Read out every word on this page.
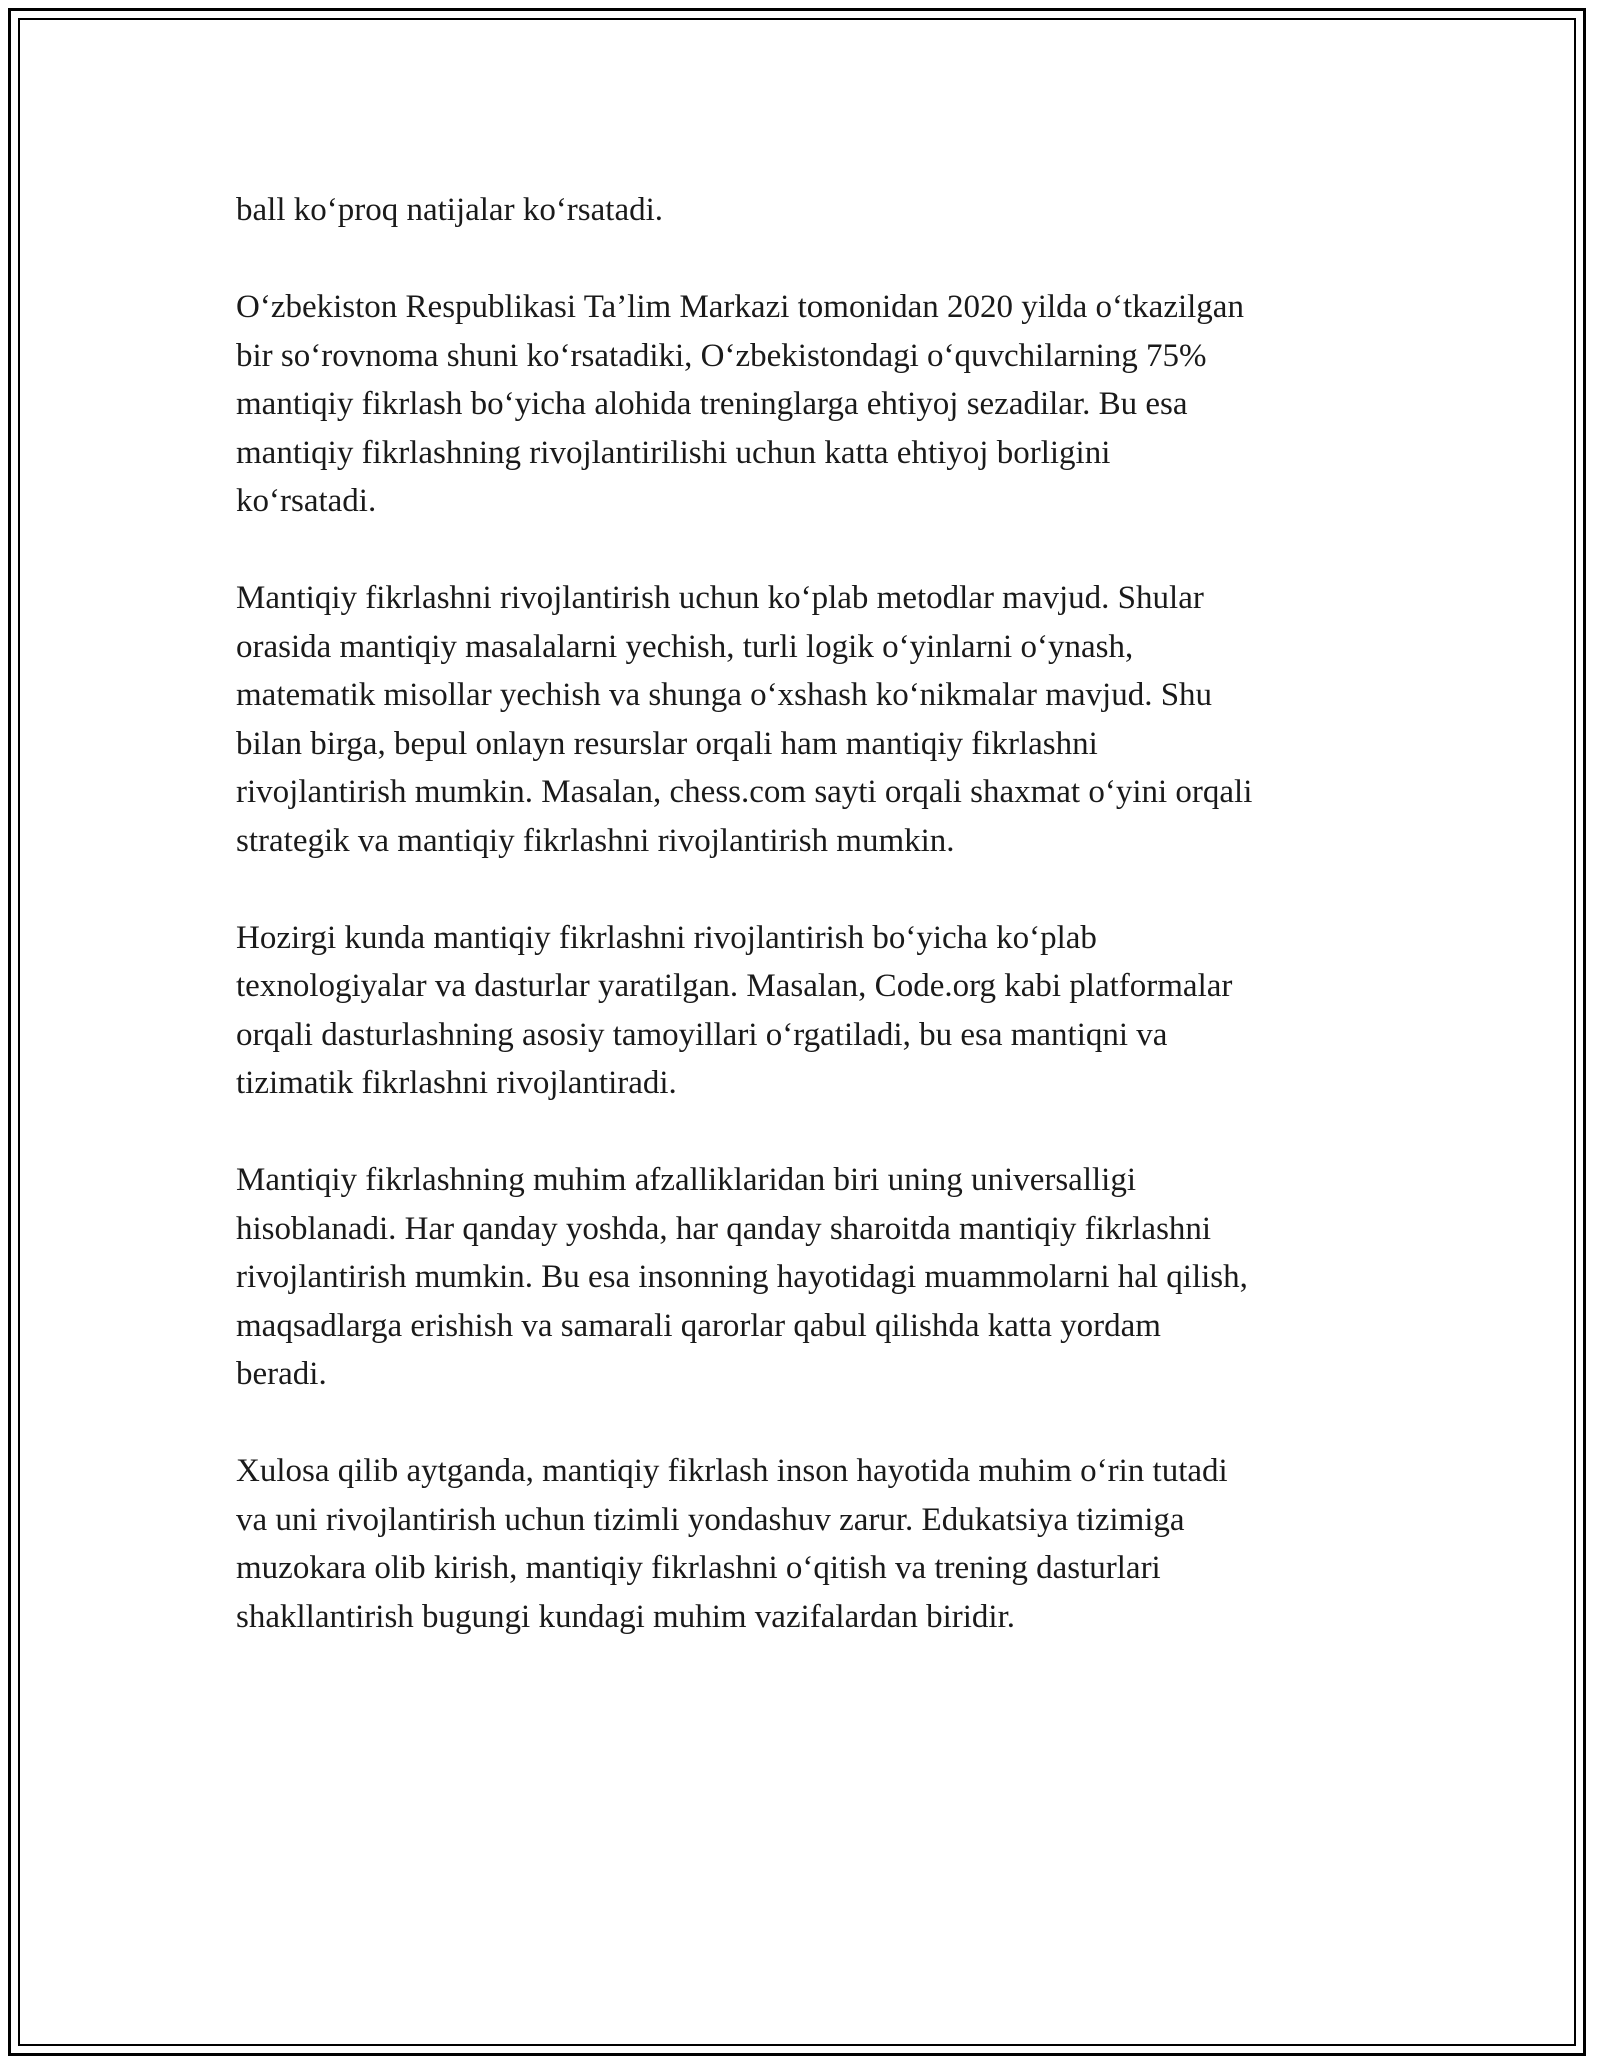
ball ko‘proq natijalar ko‘rsatadi.

O‘zbekiston Respublikasi Ta’lim Markazi tomonidan 2020 yilda o‘tkazilgan
bir so‘rovnoma shuni ko‘rsatadiki, O‘zbekistondagi o‘quvchilarning 75%
mantiqiy fikrlash bo‘yicha alohida treninglarga ehtiyoj sezadilar. Bu esa
mantiqiy fikrlashning rivojlantirilishi uchun katta ehtiyoj borligini
ko‘rsatadi.

Mantiqiy fikrlashni rivojlantirish uchun ko‘plab metodlar mavjud. Shular
orasida mantiqiy masalalarni yechish, turli logik o‘yinlarni o‘ynash,
matematik misollar yechish va shunga o‘xshash ko‘nikmalar mavjud. Shu
bilan birga, bepul onlayn resurslar orqali ham mantiqiy fikrlashni
rivojlantirish mumkin. Masalan, chess.com sayti orqali shaxmat o‘yini orqali
strategik va mantiqiy fikrlashni rivojlantirish mumkin.

Hozirgi kunda mantiqiy fikrlashni rivojlantirish bo‘yicha ko‘plab
texnologiyalar va dasturlar yaratilgan. Masalan, Code.org kabi platformalar
orqali dasturlashning asosiy tamoyillari o‘rgatiladi, bu esa mantiqni va
tizimatik fikrlashni rivojlantiradi.

Mantiqiy fikrlashning muhim afzalliklaridan biri uning universalligi
hisoblanadi. Har qanday yoshda, har qanday sharoitda mantiqiy fikrlashni
rivojlantirish mumkin. Bu esa insonning hayotidagi muammolarni hal qilish,
maqsadlarga erishish va samarali qarorlar qabul qilishda katta yordam
beradi.

Xulosa qilib aytganda, mantiqiy fikrlash inson hayotida muhim o‘rin tutadi
va uni rivojlantirish uchun tizimli yondashuv zarur. Edukatsiya tizimiga
muzokara olib kirish, mantiqiy fikrlashni o‘qitish va trening dasturlari
shakllantirish bugungi kundagi muhim vazifalardan biridir.
